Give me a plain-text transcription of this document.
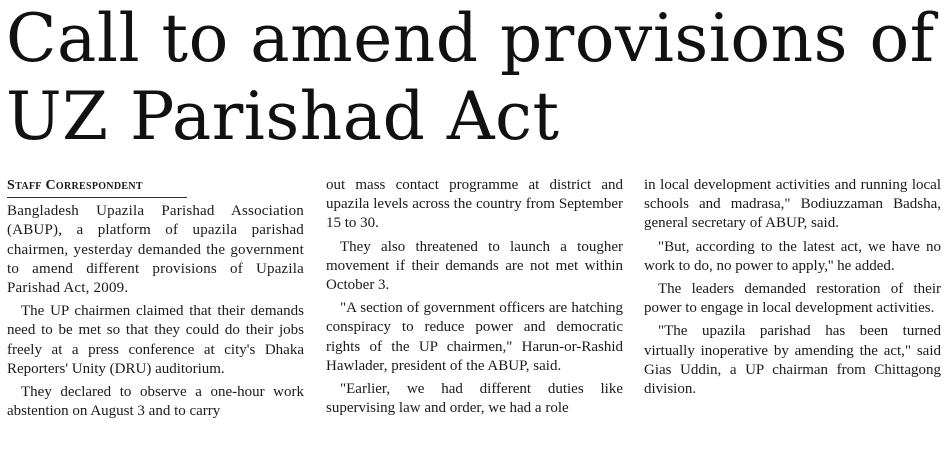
Call to amend provisions of UZ Parishad Act
Staff Correspondent

Bangladesh Upazila Parishad Association (ABUP), a platform of upazila parishad chairmen, yesterday demanded the government to amend different provisions of Upazila Parishad Act, 2009.

The UP chairmen claimed that their demands need to be met so that they could do their jobs freely at a press conference at city's Dhaka Reporters' Unity (DRU) auditorium.

They declared to observe a one-hour work abstention on August 3 and to carry

out mass contact programme at district and upazila levels across the country from September 15 to 30.

They also threatened to launch a tougher movement if their demands are not met within October 3.

"A section of government officers are hatching conspiracy to reduce power and democratic rights of the UP chairmen," Harun-or-Rashid Hawlader, president of the ABUP, said.

"Earlier, we had different duties like supervising law and order, we had a role

in local development activities and running local schools and madrasa," Bodiuzzaman Badsha, general secretary of ABUP, said.

"But, according to the latest act, we have no work to do, no power to apply,'' he added.

The leaders demanded restoration of their power to engage in local development activities.

"The upazila parishad has been turned virtually inoperative by amending the act," said Gias Uddin, a UP chairman from Chittagong division.
